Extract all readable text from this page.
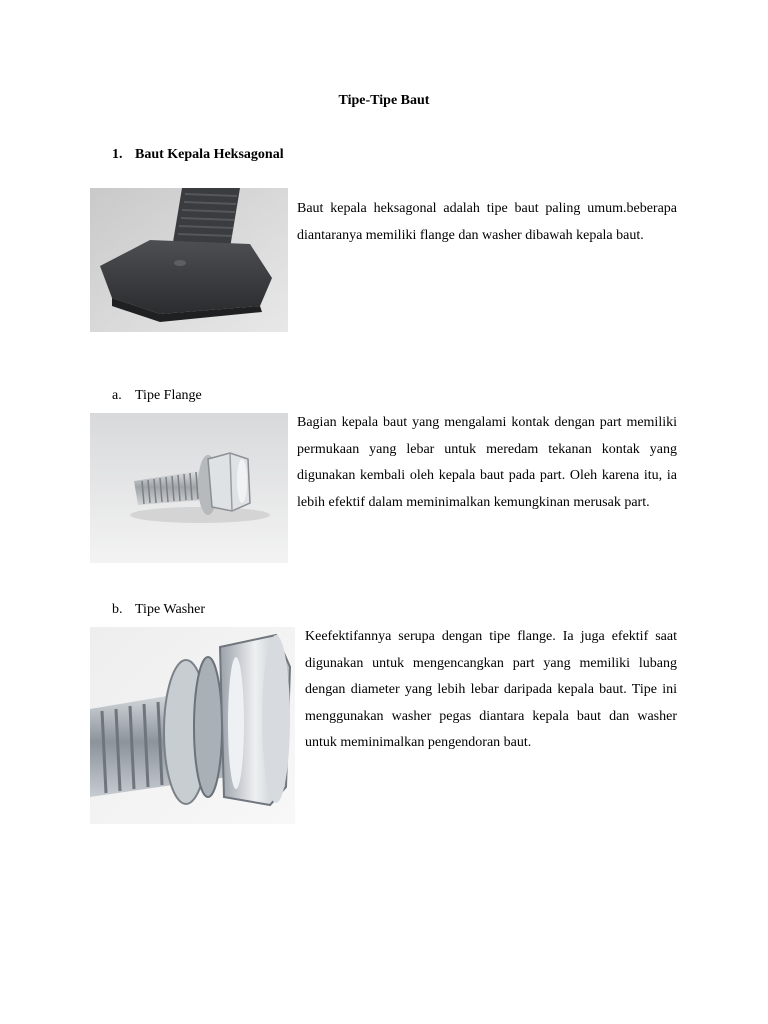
Tipe-Tipe Baut
1. Baut Kepala Heksagonal
Baut kepala heksagonal adalah tipe baut paling umum.beberapa diantaranya memiliki flange dan washer dibawah kepala baut.
a. Tipe Flange
Bagian kepala baut yang mengalami kontak dengan part memiliki permukaan yang lebar untuk meredam tekanan kontak yang digunakan kembali oleh kepala baut pada part. Oleh karena itu, ia lebih efektif dalam meminimalkan kemungkinan merusak part.
b. Tipe Washer
Keefektifannya serupa dengan tipe flange. Ia juga efektif saat digunakan untuk mengencangkan part yang memiliki lubang dengan diameter yang lebih lebar daripada kepala baut. Tipe ini menggunakan washer pegas diantara kepala baut dan washer untuk meminimalkan pengendoran baut.
